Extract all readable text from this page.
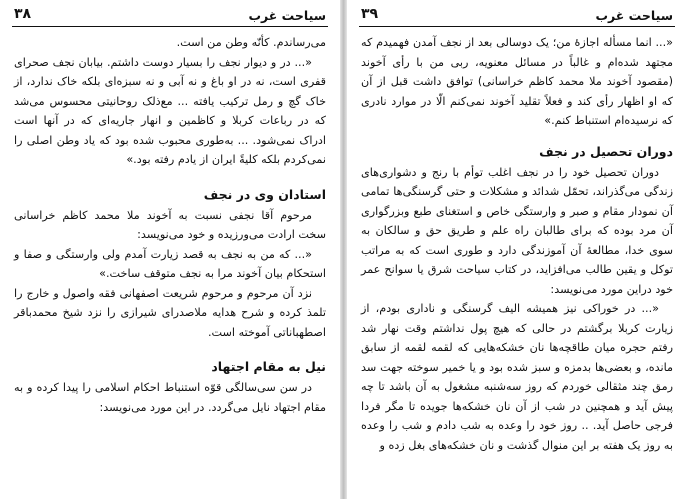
سیاحت غرب
۳۸

می‌رساندم. کأنّه وطن من است.

«... در و دیوار نجف را بسیار دوست داشتم. بیابان نجف صحرای قفری است، نه در او باغ و نه آبی و نه سبزه‌ای بلکه خاک ندارد، از خاک گچ و رمل ترکیب یافته ... مع‌ذلک روحانیتی محسوس می‌شد که در رباعات کربلا و کاظمین و انهار جاریه‌ای که در آنها است ادراک نمی‌شود. ... به‌طوری محبوب شده بود که یاد وطن اصلی را نمی‌کردم بلکه کلیةً ایران از یادم رفته بود.»

استادان وی در نجف

مرحوم آقا نجفی نسبت به آخوند ملا محمد کاظم خراسانی سخت ارادت می‌ورزیده و خود می‌نویسد:

«... که من به نجف به قصد زیارت آمدم ولی وارستگی و صفا و استحکام بیان آخوند مرا به نجف متوقف ساخت.»

نزد آن مرحوم و مرحوم شریعت اصفهانی فقه واصول و خارج را تلمذ کرده و شرح هدایه ملاصدرای شیرازی را نزد شیخ محمدباقر اصطهباناتی آموخته است.

نیل به مقام اجتهاد

در سن سی‌سالگی قوّه استنباط احکام اسلامی را پیدا کرده و به مقام اجتهاد نایل می‌گردد. در این مورد می‌نویسد:

سیاحت غرب
۳۹

«... انما مسأله اجازهٔ من؛ یک دوسالی بعد از نجف آمدن فهمیدم که مجتهد شده‌ام و غالباً در مسائل معنویه، ربی من با رأی آخوند (مقصود آخوند ملا محمد کاظم خراسانی) توافق داشت قبل از آن که او اظهار رأی کند و فعلاً تقلید آخوند نمی‌کنم الّا در موارد نادری که نرسیده‌ام استنباط کنم.»

دوران تحصیل در نجف

دوران تحصیل خود را در نجف اغلب توأم با رنج و دشواری‌های زندگی می‌گذراند، تحمّل شدائد و مشکلات و حتی گرسنگی‌ها تمامی آن نمودار مقام و صبر و وارستگی خاص و استغنای طبع وبزرگواری آن مرد بوده که برای طالبان راه علم و طریق حق و سالکان به سوی خدا، مطالعهٔ آن آموزندگی دارد و طوری است که به مراتب توکل و یقین طالب می‌افزاید، در کتاب سیاحت شرق یا سوانح عمر خود دراین مورد می‌نویسد:

«... در خوراکی نیز همیشه الیف گرسنگی و ناداری بودم، از زیارت کربلا برگشتم در حالی که هیچ پول نداشتم وقت نهار شد رفتم حجره میان طاقچه‌ها نان خشکه‌هایی که لقمه لقمه از سابق مانده، و بعضی‌ها بدمزه و سبز شده بود و یا خمیر سوخته جهت سد رمق چند مثقالی خوردم که روز سه‌شنبه مشغول به آن باشد تا چه پیش آید و همچنین در شب از آن نان خشکه‌ها جویده تا مگر فردا فرجی حاصل آید. .. روز خود را وعده به شب دادم و شب را وعده به روز یک هفته بر این منوال گذشت و نان خشکه‌های بغل زده و
